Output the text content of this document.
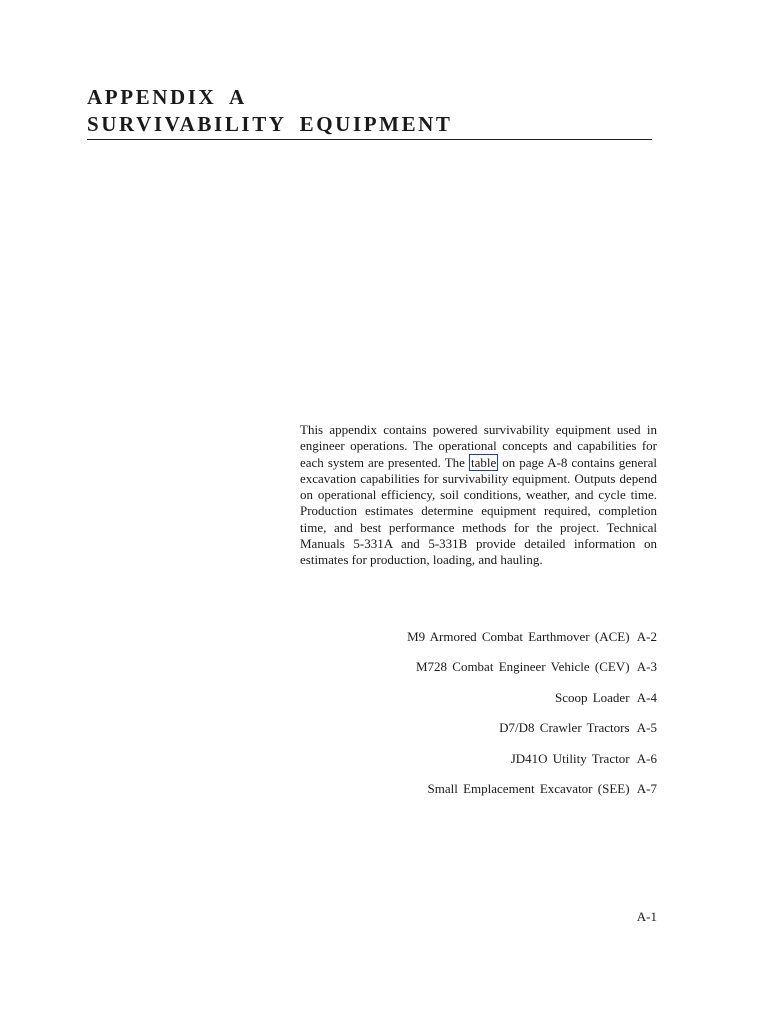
APPENDIX A
SURVIVABILITY EQUIPMENT

This appendix contains powered survivability equipment used in engineer operations. The operational concepts and capabilities for each system are presented. The table on page A-8 contains general excavation capabilities for survivability equipment. Outputs depend on operational efficiency, soil conditions, weather, and cycle time. Production estimates determine equipment required, completion time, and best performance methods for the project. Technical Manuals 5-331A and 5-331B provide detailed information on estimates for production, loading, and hauling.

M9 Armored Combat Earthmover (ACE) A-2
M728 Combat Engineer Vehicle (CEV) A-3
Scoop Loader A-4
D7/D8 Crawler Tractors A-5
JD41O Utility Tractor A-6
Small Emplacement Excavator (SEE) A-7
A-1
